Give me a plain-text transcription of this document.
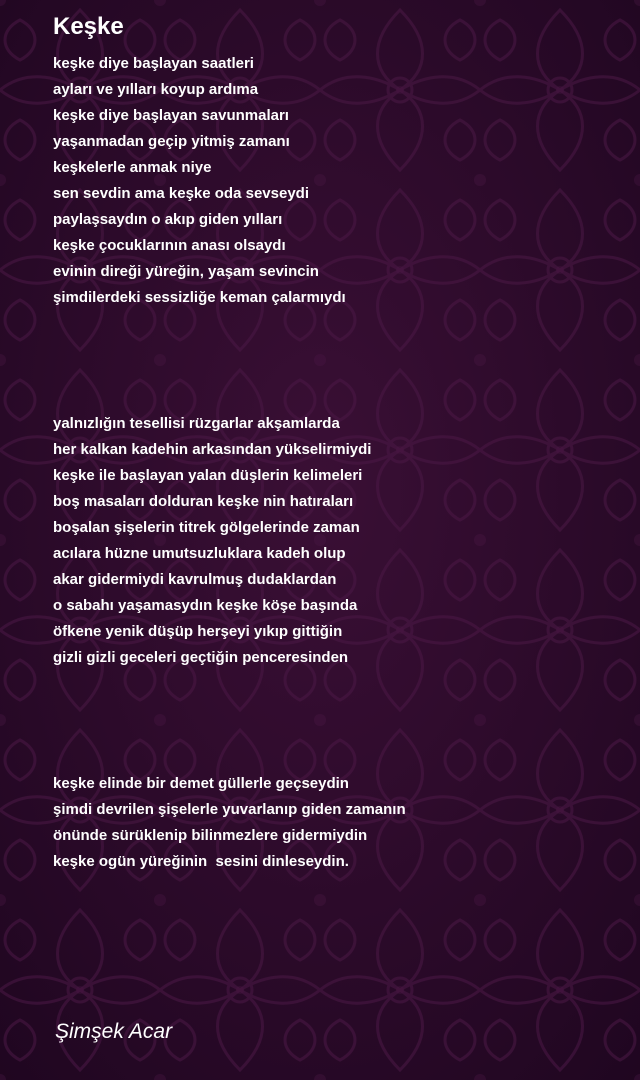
Keşke
keşke diye başlayan saatleri
ayları ve yılları koyup ardıma
keşke diye başlayan savunmaları
yaşanmadan geçip yitmiş zamanı
keşkelerle anmak niye
sen sevdin ama keşke oda sevseydi
paylaşsaydın o akıp giden yılları
keşke çocuklarının anası olsaydı
evinin direği yüreğin, yaşam sevincin
şimdilerdeki sessizliğe keman çalarmıydı
yalnızlığın tesellisi rüzgarlar akşamlarda
her kalkan kadehin arkasından yükselirmiydi
keşke ile başlayan yalan düşlerin kelimeleri
boş masaları dolduran keşke nin hatıraları
boşalan şişelerin titrek gölgelerinde zaman
acılara hüzne umutsuzluklara kadeh olup
akar gidermiydi kavrulmuş dudaklardan
o sabahı yaşamasydın keşke köşe başında
öfkene yenik düşüp herşeyi yıkıp gittiğin
gizli gizli geceleri geçtiğin penceresinden
keşke elinde bir demet güllerle geçseydin
şimdi devrilen şişelerle yuvarlanıp giden zamanın
önünde sürüklenip bilinmezlere gidermiydin
keşke ogün yüreğinin  sesini dinleseydin.

Şimşek Acar
